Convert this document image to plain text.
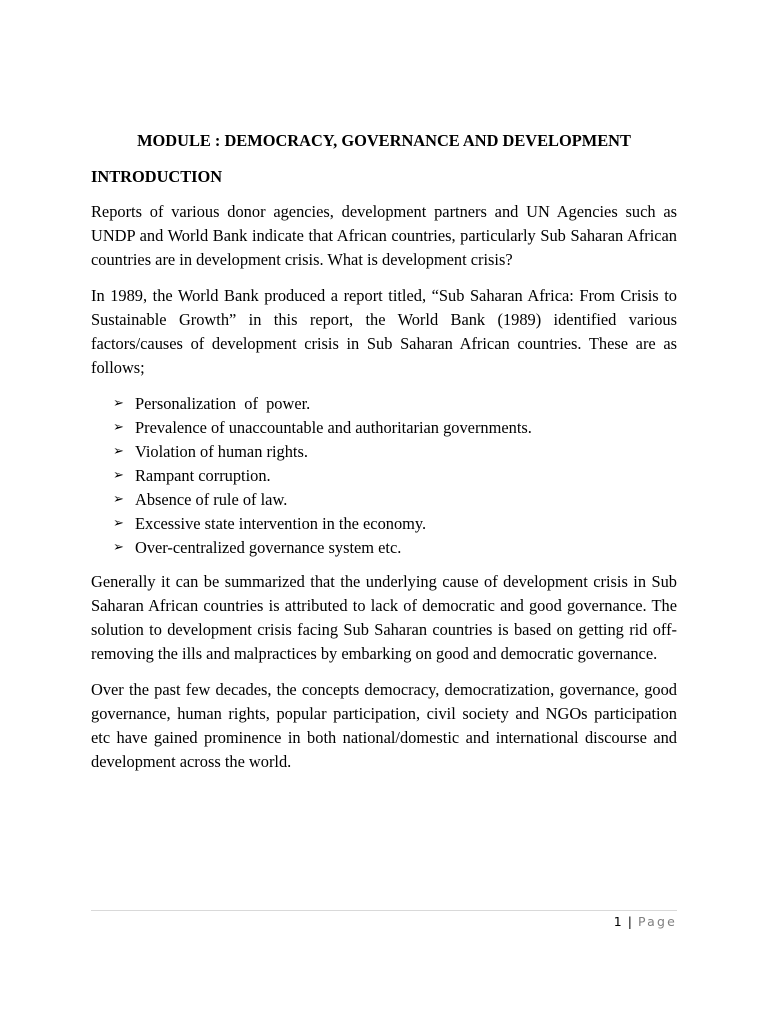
MODULE : DEMOCRACY, GOVERNANCE AND DEVELOPMENT

INTRODUCTION

Reports of various donor agencies, development partners and UN Agencies such as UNDP and World Bank indicate that African countries, particularly Sub Saharan African countries are in development crisis. What is development crisis?

In 1989, the World Bank produced a report titled, “Sub Saharan Africa: From Crisis to Sustainable Growth” in this report, the World Bank (1989) identified various factors/causes of development crisis in Sub Saharan African countries. These are as follows;

➢ Personalization  of  power.
➢ Prevalence of unaccountable and authoritarian governments.
➢ Violation of human rights.
➢ Rampant corruption.
➢ Absence of rule of law.
➢ Excessive state intervention in the economy.
➢ Over-centralized governance system etc.

Generally it can be summarized that the underlying cause of development crisis in Sub Saharan African countries is attributed to lack of democratic and good governance. The solution to development crisis facing Sub Saharan countries is based on getting rid off-removing the ills and malpractices by embarking on good and democratic governance.

Over the past few decades, the concepts democracy, democratization, governance, good governance, human rights, popular participation, civil society and NGOs participation etc have gained prominence in both national/domestic and international discourse and development across the world.

1 | Page
